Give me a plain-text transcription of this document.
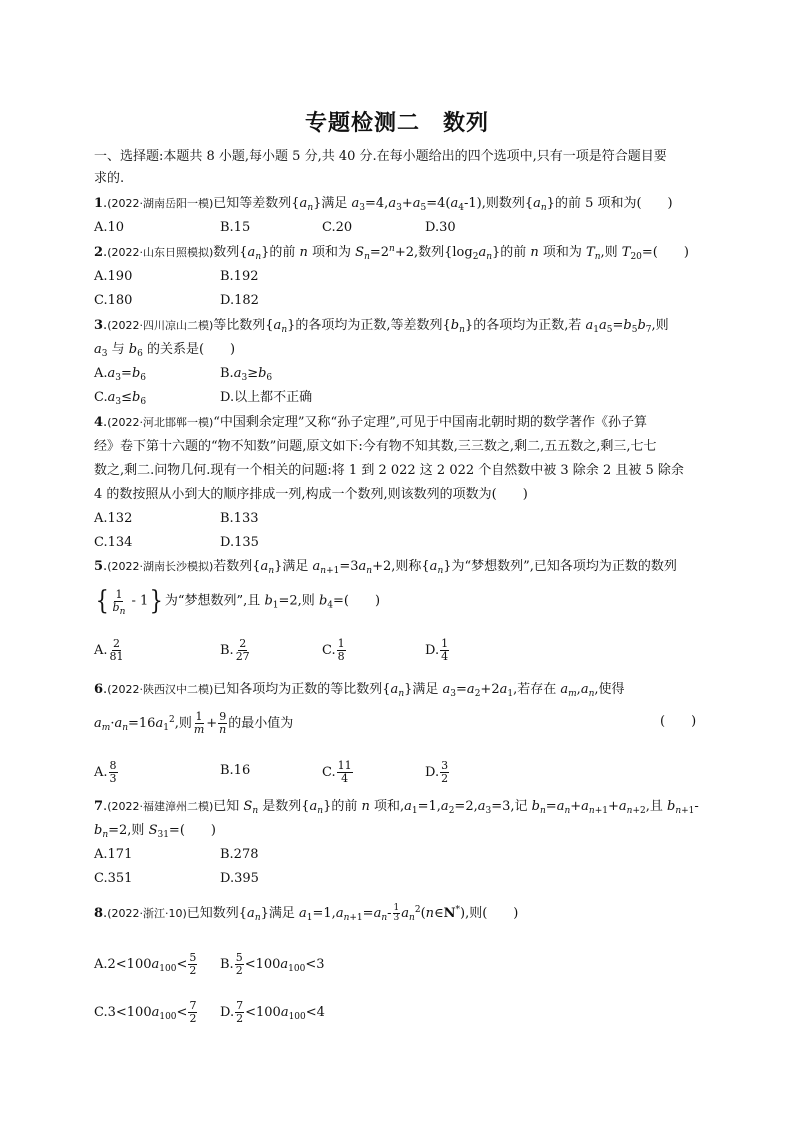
专题检测二　数列
一、选择题:本题共 8 小题,每小题 5 分,共 40 分.在每小题给出的四个选项中,只有一项是符合题目要
求的.
1.(2022·湖南岳阳一模)已知等差数列$\{a_n\}$满足 $a_3=4,a_3+a_5=4(a_4-1)$,则数列$\{a_n\}$的前 5 项和为(　　)
A.10	B.15	C.20	D.30
2.(2022·山东日照模拟)数列$\{a_n\}$的前 n 项和为 $S_n=2^n+2$,数列$\{\log_2a_n\}$的前 n 项和为 $T_n$,则 $T_{20}=$(　　)
A.190	B.192
C.180	D.182
3.(2022·四川凉山二模)等比数列$\{a_n\}$的各项均为正数,等差数列$\{b_n\}$的各项均为正数,若 $a_1a_5=b_5b_7$,则
$a_3$ 与 $b_6$ 的关系是(　　)
$A.a_3=b_6$	$B.a_3\ge b_6$
$C.a_3\le b_6$	D.以上都不正确
4.(2022·河北邯郸一模)“中国剩余定理”又称“孙子定理”,可见于中国南北朝时期的数学著作《孙子算
经》卷下第十六题的“物不知数”问题,原文如下:今有物不知其数,三三数之,剩二,五五数之,剩三,七七
数之,剩二.问物几何.现有一个相关的问题:将 1 到 2 022 这 2 022 个自然数中被 3 除余 2 且被 5 除余
4 的数按照从小到大的顺序排成一列,构成一个数列,则该数列的项数为(　　)
A.132	B.133
C.134	D.135
5.(2022·湖南长沙模拟)若数列$\{a_n\}$满足 $a_{n+1}=3a_n+2$,则称$\{a_n\}$为“梦想数列”,已知各项均为正数的数列
{ $\frac{1}{b_n} - 1$} 为“梦想数列”,且 $b_1=2$,则 $b_4=$(　　)
A. $\frac{2}{81}$	B. $\frac{2}{27}$	C. $\frac{1}{8}$	D. $\frac{1}{4}$
6.(2022·陕西汉中二模)已知各项均为正数的等比数列$\{a_n\}$满足 $a_3=a_2+2a_1$,若存在 $a_m,a_n$,使得
$a_m\cdot a_n=16a_1^2$,则 $\frac{1}{m} + \frac{9}{n}$ 的最小值为	(　　)
A. $\frac{8}{3}$	B.16	C. $\frac{11}{4}$	D. $\frac{3}{2}$
7.(2022·福建漳州二模)已知 $S_n$ 是数列$\{a_n\}$的前 n 项和$,a_1=1,a_2=2,a_3=3$,记 $b_n=a_n+a_{n+1}+a_{n+2}$,且 $b_{n+1}-$
$b_n=2$,则 $S_{31}=$(　　)
A.171	B.278
C.351	D.395
8.(2022·浙江·10)已知数列$\{a_n\}$满足 $a_1=1,a_{n+1}=a_n- \frac{1}{3}$ $a_n^2(n\in N^*)$,则(　　)
$A.2<100a_{100}< \frac{5}{2} B$. $\frac{5}{2} <100a_{100}<3$
$C.3<100a_{100}< \frac{7}{2} D$. $\frac{7}{2} <100a_{100}<4$
